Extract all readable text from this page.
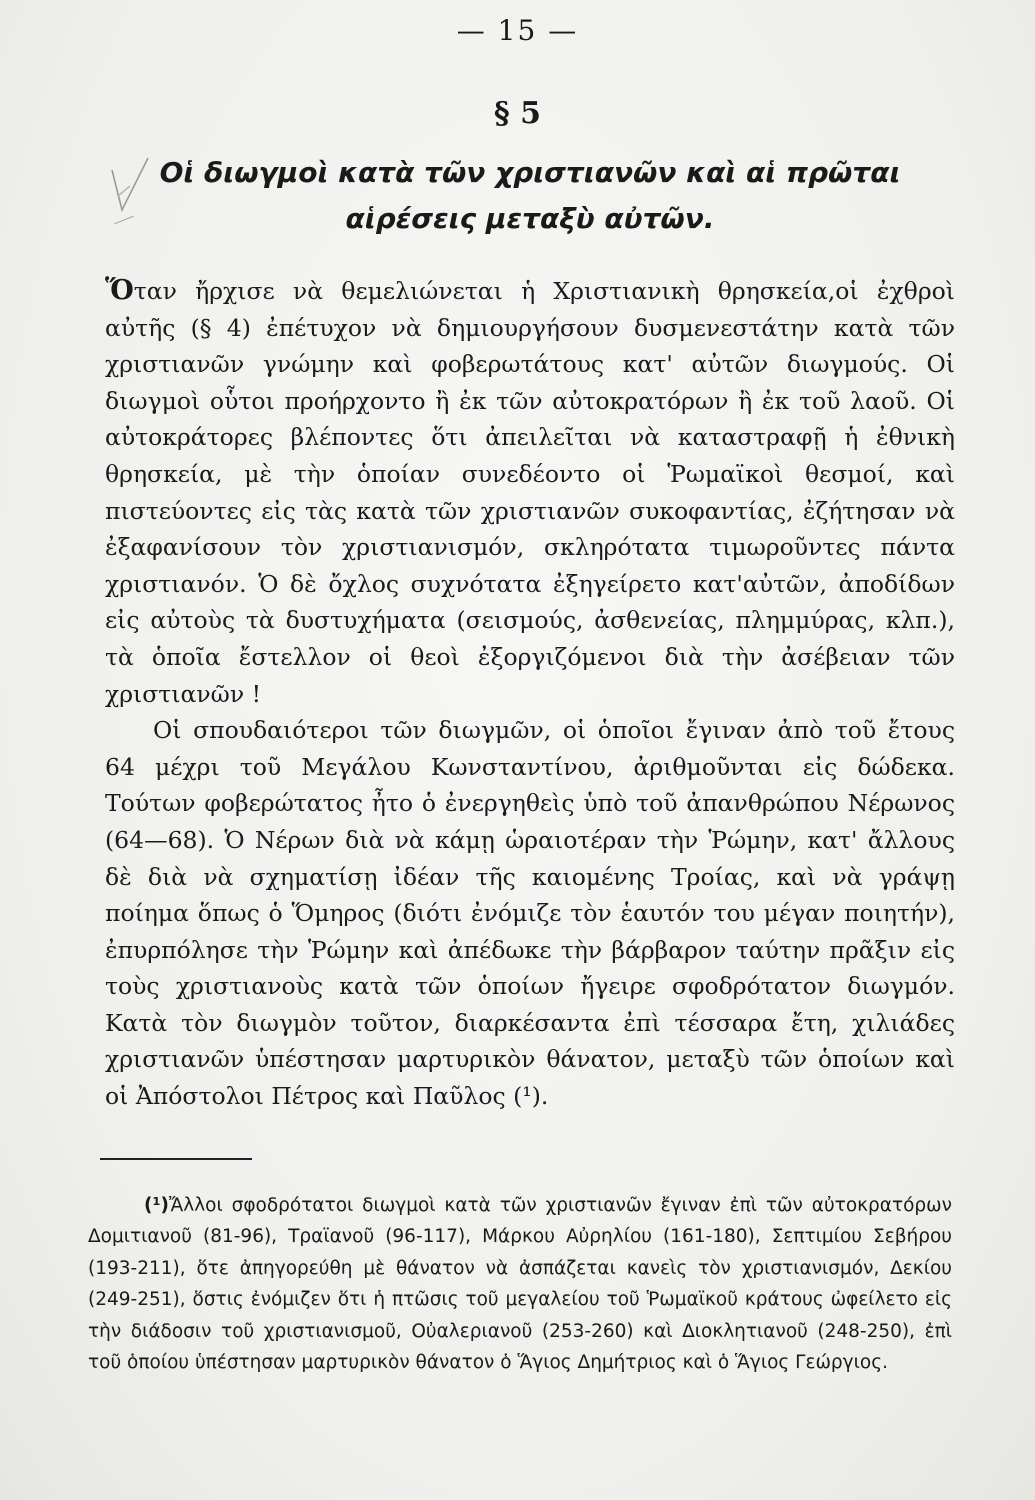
— 15 —
§ 5
Οἱ διωγμοὶ κατὰ τῶν χριστιανῶν καὶ αἱ πρῶται
αἱρέσεις μεταξὺ αὐτῶν.

Ὅταν ἤρχισε νὰ θεμελιώνεται ἡ Χριστιανικὴ θρησκεία,οἱ ἐχθροὶ αὐτῆς (§ 4) ἐπέτυχον νὰ δημιουργήσουν δυσμενεστάτην κατὰ τῶν χριστιανῶν γνώμην καὶ φοβερωτάτους κατ' αὐτῶν διωγμούς. Οἱ διωγμοὶ οὗτοι προήρχοντο ἢ ἐκ τῶν αὐτοκρατόρων ἢ ἐκ τοῦ λαοῦ. Οἱ αὐτοκράτορες βλέποντες ὅτι ἀπειλεῖται νὰ καταστραφῇ ἡ ἐθνικὴ θρησκεία, μὲ τὴν ὁποίαν συνεδέοντο οἱ Ῥωμαϊκοὶ θεσμοί, καὶ πιστεύοντες εἰς τὰς κατὰ τῶν χριστιανῶν συκοφαντίας, ἐζήτησαν νὰ ἐξαφανίσουν τὸν χριστιανισμόν, σκληρότατα τιμωροῦντες πάντα χριστιανόν. Ὁ δὲ ὄχλος συχνότατα ἐξηγείρετο κατ'αὐτῶν, ἀποδίδων εἰς αὐτοὺς τὰ δυστυχήματα (σεισμούς, ἀσθενείας, πλημμύρας, κλπ.), τὰ ὁποῖα ἔστελλον οἱ θεοὶ ἐξοργιζόμενοι διὰ τὴν ἀσέβειαν τῶν χριστιανῶν !

Οἱ σπουδαιότεροι τῶν διωγμῶν, οἱ ὁποῖοι ἔγιναν ἀπὸ τοῦ ἔτους 64 μέχρι τοῦ Μεγάλου Κωνσταντίνου, ἀριθμοῦνται εἰς δώδεκα. Τούτων φοβερώτατος ἦτο ὁ ἐνεργηθεὶς ὑπὸ τοῦ ἀπανθρώπου Νέρωνος (64—68). Ὁ Νέρων διὰ νὰ κάμῃ ὡραιοτέραν τὴν Ῥώμην, κατ' ἄλλους δὲ διὰ νὰ σχηματίσῃ ἰδέαν τῆς καιομένης Τροίας, καὶ νὰ γράψῃ ποίημα ὅπως ὁ Ὅμηρος (διότι ἐνόμιζε τὸν ἑαυτόν του μέγαν ποιητήν), ἐπυρπόλησε τὴν Ῥώμην καὶ ἀπέδωκε τὴν βάρβαρον ταύτην πρᾶξιν εἰς τοὺς χριστιανοὺς κατὰ τῶν ὁποίων ἤγειρε σφοδρότατον διωγμόν. Κατὰ τὸν διωγμὸν τοῦτον, διαρκέσαντα ἐπὶ τέσσαρα ἔτη, χιλιάδες χριστιανῶν ὑπέστησαν μαρτυρικὸν θάνατον, μεταξὺ τῶν ὁποίων καὶ οἱ Ἀπόστολοι Πέτρος καὶ Παῦλος (¹).

(¹)Ἄλλοι σφοδρότατοι διωγμοὶ κατὰ τῶν χριστιανῶν ἔγιναν ἐπὶ τῶν αὐτοκρατόρων Δομιτιανοῦ (81-96), Τραϊανοῦ (96-117), Μάρκου Αὐρηλίου (161-180), Σεπτιμίου Σεβήρου (193-211), ὅτε ἀπηγορεύθη μὲ θάνατον νὰ ἀσπάζεται κανεὶς τὸν χριστιανισμόν, Δεκίου (249-251), ὅστις ἐνόμιζεν ὅτι ἡ πτῶσις τοῦ μεγαλείου τοῦ Ῥωμαϊκοῦ κράτους ὠφείλετο εἰς τὴν διάδοσιν τοῦ χριστιανισμοῦ, Οὐαλεριανοῦ (253-260) καὶ Διοκλητιανοῦ (248-250), ἐπὶ τοῦ ὁποίου ὑπέστησαν μαρτυρικὸν θάνατον ὁ Ἅγιος Δημήτριος καὶ ὁ Ἅγιος Γεώργιος.
